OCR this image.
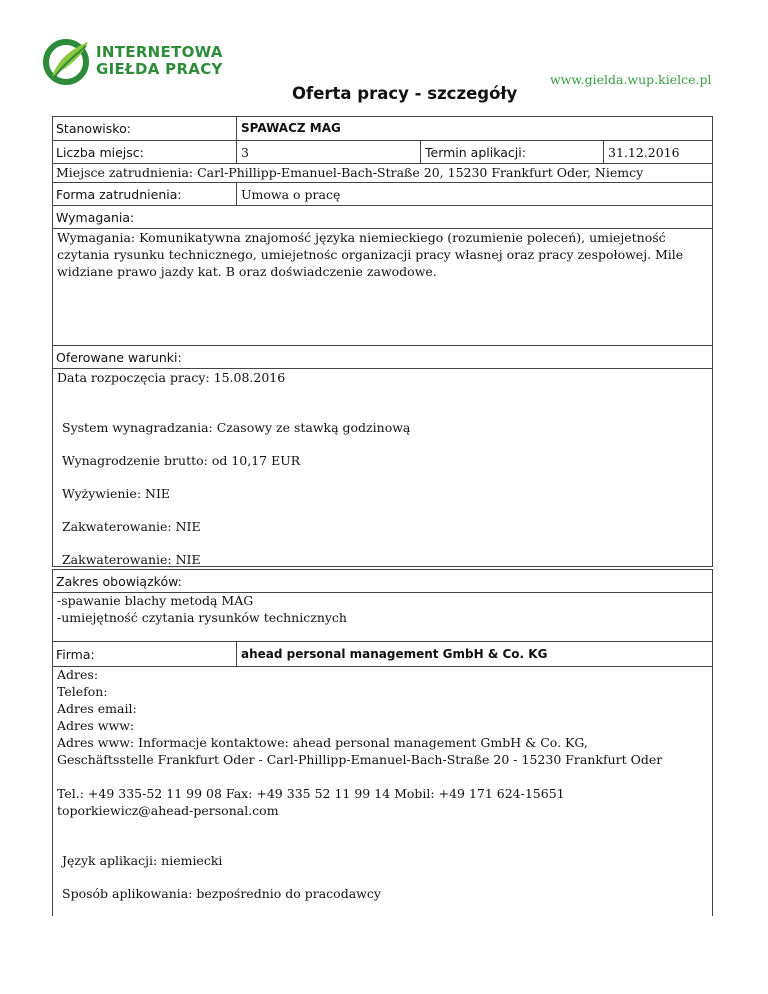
INTERNETOWA
GIEŁDA PRACY
www.gielda.wup.kielce.pl
Oferta pracy - szczegóły
Stanowisko:	SPAWACZ MAG
Liczba miejsc:	3	Termin aplikacji:	31.12.2016
Miejsce zatrudnienia: Carl-Phillipp-Emanuel-Bach-Straße 20, 15230 Frankfurt Oder, Niemcy
Forma zatrudnienia:	Umowa o pracę
Wymagania:
Wymagania: Komunikatywna znajomość języka niemieckiego (rozumienie poleceń), umiejetność
czytania rysunku technicznego, umiejetnośc organizacji pracy własnej oraz pracy zespołowej. Mile
widziane prawo jazdy kat. B oraz doświadczenie zawodowe.
Oferowane warunki:
Data rozpoczęcia pracy: 15.08.2016
System wynagradzania: Czasowy ze stawką godzinową
Wynagrodzenie brutto: od 10,17 EUR
Wyżywienie: NIE
Zakwaterowanie: NIE
Zakwaterowanie: NIE
Zakres obowiązków:
-spawanie blachy metodą MAG
-umiejętność czytania rysunków technicznych
Firma:	ahead personal management GmbH & Co. KG
Adres:
Telefon:
Adres email:
Adres www:
Adres www: Informacje kontaktowe: ahead personal management GmbH & Co. KG,
Geschäftsstelle Frankfurt Oder - Carl-Phillipp-Emanuel-Bach-Straße 20 - 15230 Frankfurt Oder
Tel.: +49 335-52 11 99 08 Fax: +49 335 52 11 99 14 Mobil: +49 171 624-15651
toporkiewicz@ahead-personal.com
Język aplikacji: niemiecki
Sposób aplikowania: bezpośrednio do pracodawcy
